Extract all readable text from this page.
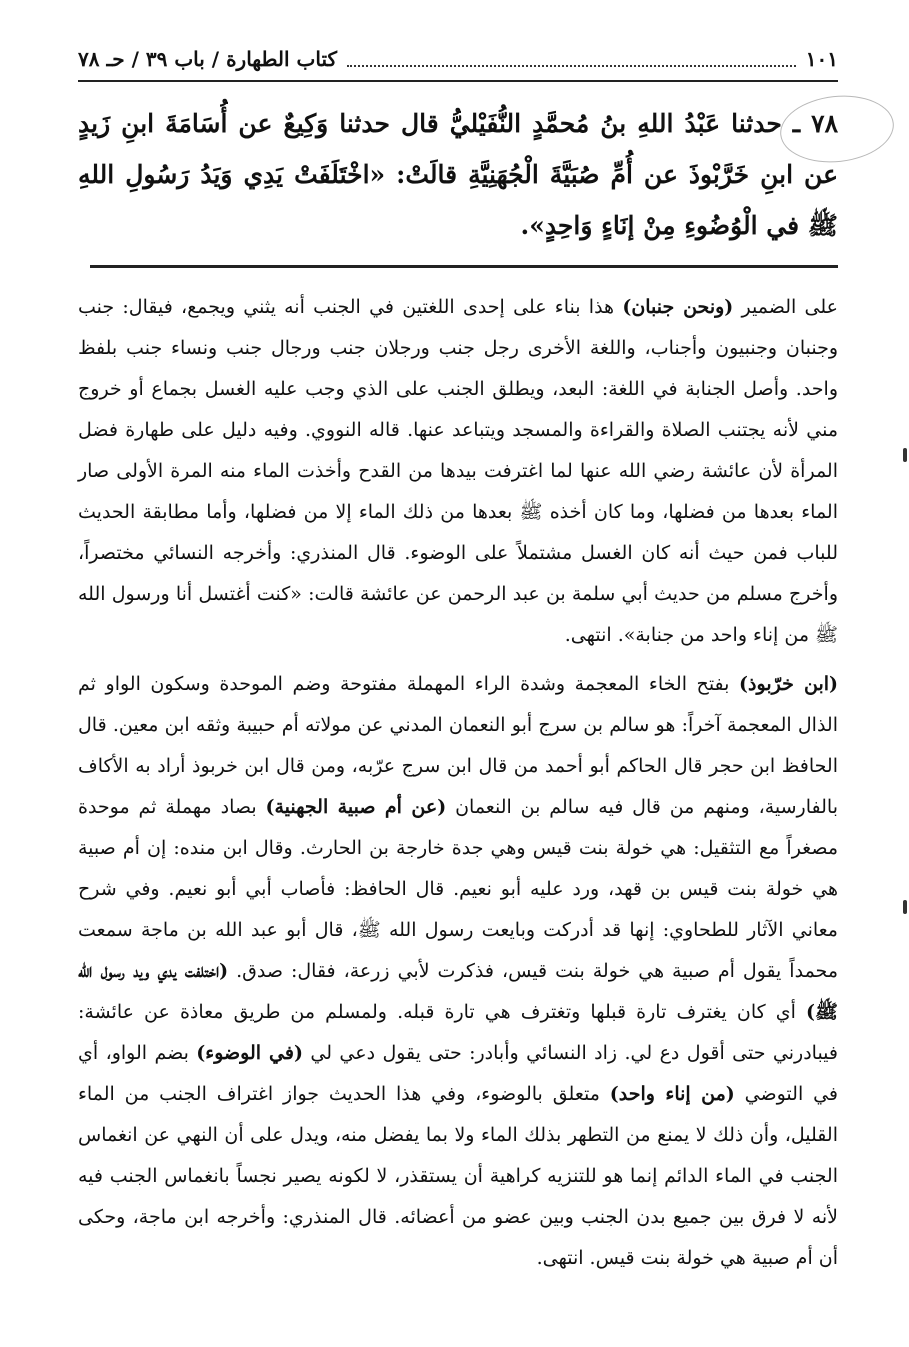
كتاب الطهارة / باب ٣٩ / حـ ٧٨	١٠١
٧٨ ـ حدثنا عَبْدُ اللهِ بنُ مُحمَّدٍ النُّفَيْليُّ قال حدثنا وَكِيعٌ عن أُسَامَةَ ابنِ زَيدٍ عن ابنِ خَرَّبْوذَ عن أُمِّ صُبَيَّةَ الْجُهَنِيَّةِ قالَتْ: «اخْتَلَفَتْ يَدِي وَيَدُ رَسُولِ اللهِ ﷺ في الْوُضُوءِ مِنْ إنَاءٍ وَاحِدٍ».

على الضمير (ونحن جنبان) هذا بناء على إحدى اللغتين في الجنب أنه يثني ويجمع، فيقال: جنب وجنبان وجنبيون وأجناب، واللغة الأخرى رجل جنب ورجلان جنب ورجال جنب ونساء جنب بلفظ واحد. وأصل الجنابة في اللغة: البعد، ويطلق الجنب على الذي وجب عليه الغسل بجماع أو خروج مني لأنه يجتنب الصلاة والقراءة والمسجد ويتباعد عنها. قاله النووي. وفيه دليل على طهارة فضل المرأة لأن عائشة رضي الله عنها لما اغترفت بيدها من القدح وأخذت الماء منه المرة الأولى صار الماء بعدها من فضلها، وما كان أخذه ﷺ بعدها من ذلك الماء إلا من فضلها، وأما مطابقة الحديث للباب فمن حيث أنه كان الغسل مشتملاً على الوضوء. قال المنذري: وأخرجه النسائي مختصراً، وأخرج مسلم من حديث أبي سلمة بن عبد الرحمن عن عائشة قالت: «كنت أغتسل أنا ورسول الله ﷺ من إناء واحد من جنابة». انتهى.

(ابن خرّبوذ) بفتح الخاء المعجمة وشدة الراء المهملة مفتوحة وضم الموحدة وسكون الواو ثم الذال المعجمة آخراً: هو سالم بن سرج أبو النعمان المدني عن مولاته أم حبيبة وثقه ابن معين. قال الحافظ ابن حجر قال الحاكم أبو أحمد من قال ابن سرج عرّبه، ومن قال ابن خربوذ أراد به الأكاف بالفارسية، ومنهم من قال فيه سالم بن النعمان (عن أم صبية الجهنية) بصاد مهملة ثم موحدة مصغراً مع التثقيل: هي خولة بنت قيس وهي جدة خارجة بن الحارث. وقال ابن منده: إن أم صبية هي خولة بنت قيس بن قهد، ورد عليه أبو نعيم. قال الحافظ: فأصاب أبي أبو نعيم. وفي شرح معاني الآثار للطحاوي: إنها قد أدركت وبايعت رسول الله ﷺ، قال أبو عبد الله بن ماجة سمعت محمداً يقول أم صبية هي خولة بنت قيس، فذكرت لأبي زرعة، فقال: صدق. (اختلفت يدي ويد رسول الله ﷺ) أي كان يغترف تارة قبلها وتغترف هي تارة قبله. ولمسلم من طريق معاذة عن عائشة: فيبادرني حتى أقول دع لي. زاد النسائي وأبادر: حتى يقول دعي لي (في الوضوء) بضم الواو، أي في التوضي (من إناء واحد) متعلق بالوضوء، وفي هذا الحديث جواز اغتراف الجنب من الماء القليل، وأن ذلك لا يمنع من التطهر بذلك الماء ولا بما يفضل منه، ويدل على أن النهي عن انغماس الجنب في الماء الدائم إنما هو للتنزيه كراهية أن يستقذر، لا لكونه يصير نجساً بانغماس الجنب فيه لأنه لا فرق بين جميع بدن الجنب وبين عضو من أعضائه. قال المنذري: وأخرجه ابن ماجة، وحكى أن أم صبية هي خولة بنت قيس. انتهى.
